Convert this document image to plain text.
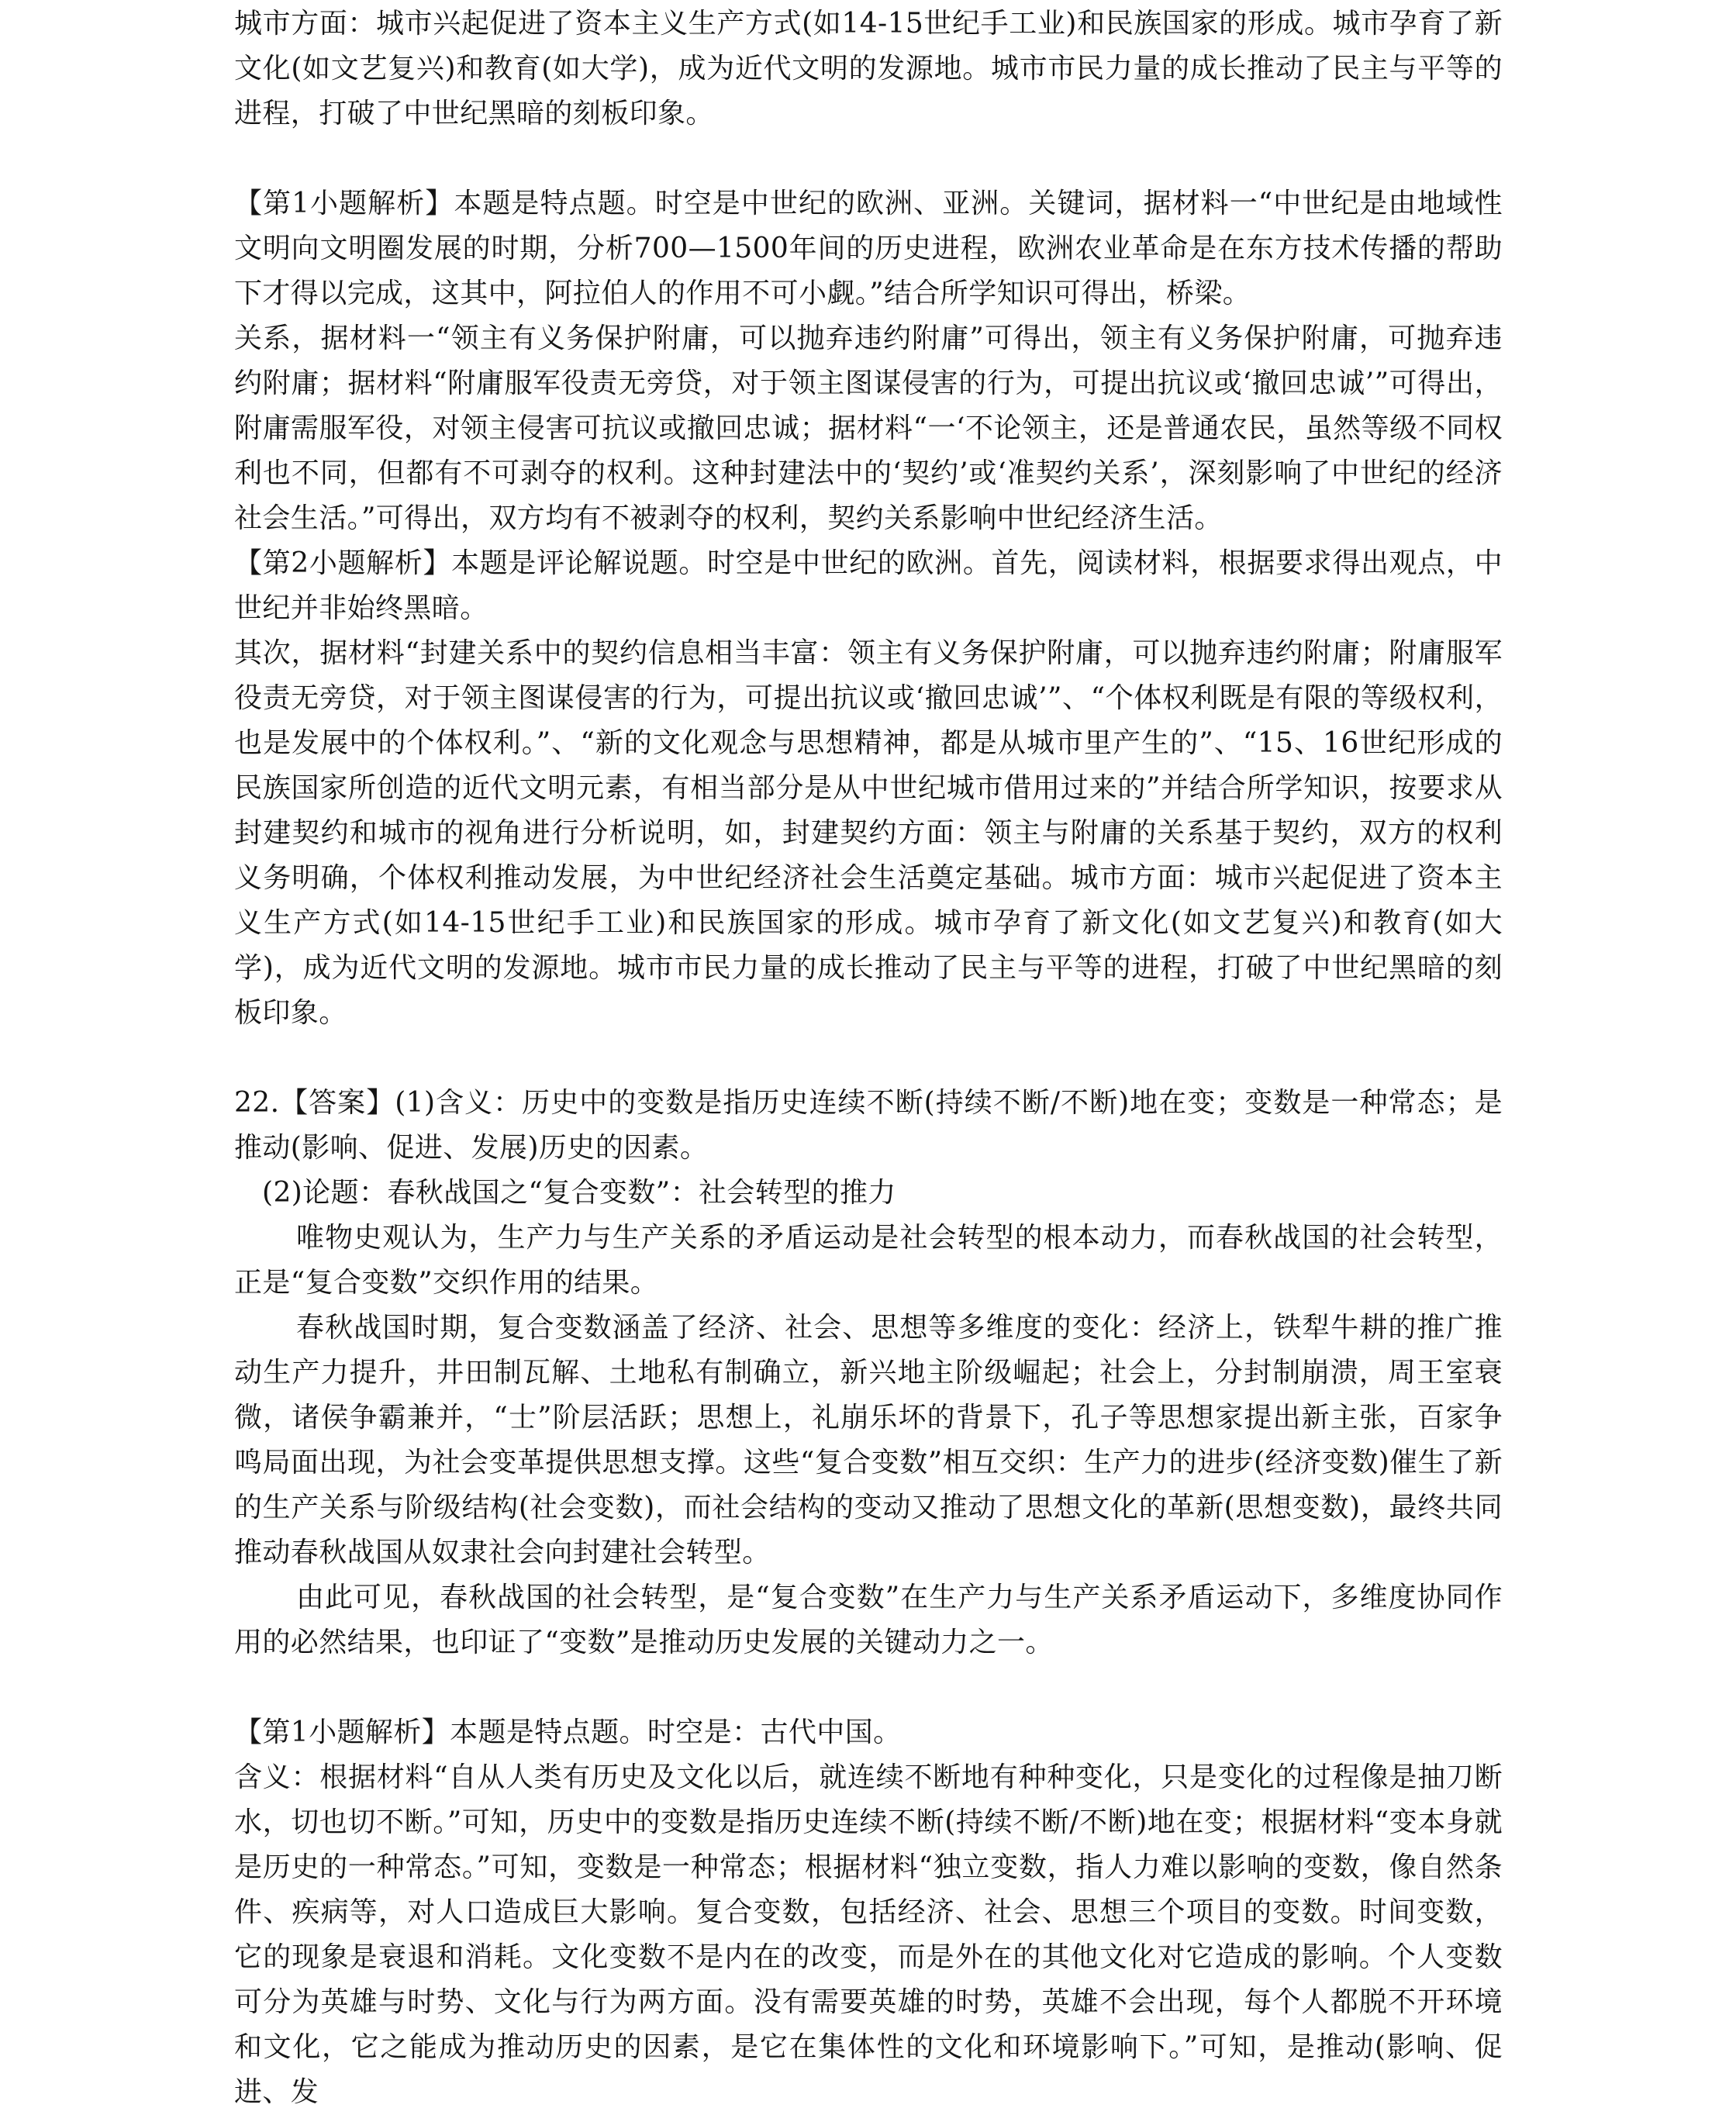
城市方面：城市兴起促进了资本主义生产方式(如14-15世纪手工业)和民族国家的形成。城市孕育了新文化(如文艺复兴)和教育(如大学)，成为近代文明的发源地。城市市民力量的成长推动了民主与平等的进程，打破了中世纪黑暗的刻板印象。

【第1小题解析】本题是特点题。时空是中世纪的欧洲、亚洲。关键词，据材料一“中世纪是由地域性文明向文明圈发展的时期，分析700—1500年间的历史进程，欧洲农业革命是在东方技术传播的帮助下才得以完成，这其中，阿拉伯人的作用不可小觑。”结合所学知识可得出，桥梁。

关系，据材料一“领主有义务保护附庸，可以抛弃违约附庸”可得出，领主有义务保护附庸，可抛弃违约附庸；据材料“附庸服军役责无旁贷，对于领主图谋侵害的行为，可提出抗议或‘撤回忠诚’”可得出，附庸需服军役，对领主侵害可抗议或撤回忠诚；据材料“一‘不论领主，还是普通农民，虽然等级不同权利也不同，但都有不可剥夺的权利。这种封建法中的‘契约’或‘准契约关系’，深刻影响了中世纪的经济社会生活。”可得出，双方均有不被剥夺的权利，契约关系影响中世纪经济生活。

【第2小题解析】本题是评论解说题。时空是中世纪的欧洲。首先，阅读材料，根据要求得出观点，中世纪并非始终黑暗。

其次，据材料“封建关系中的契约信息相当丰富：领主有义务保护附庸，可以抛弃违约附庸；附庸服军役责无旁贷，对于领主图谋侵害的行为，可提出抗议或‘撤回忠诚’”、“个体权利既是有限的等级权利，也是发展中的个体权利。”、“新的文化观念与思想精神，都是从城市里产生的”、“15、16世纪形成的民族国家所创造的近代文明元素，有相当部分是从中世纪城市借用过来的”并结合所学知识，按要求从封建契约和城市的视角进行分析说明，如，封建契约方面：领主与附庸的关系基于契约，双方的权利义务明确，个体权利推动发展，为中世纪经济社会生活奠定基础。城市方面：城市兴起促进了资本主义生产方式(如14-15世纪手工业)和民族国家的形成。城市孕育了新文化(如文艺复兴)和教育(如大学)，成为近代文明的发源地。城市市民力量的成长推动了民主与平等的进程，打破了中世纪黑暗的刻板印象。

22.【答案】(1)含义：历史中的变数是指历史连续不断(持续不断/不断)地在变；变数是一种常态；是推动(影响、促进、发展)历史的因素。

(2)论题：春秋战国之“复合变数”：社会转型的推力

唯物史观认为，生产力与生产关系的矛盾运动是社会转型的根本动力，而春秋战国的社会转型，正是“复合变数”交织作用的结果。

春秋战国时期，复合变数涵盖了经济、社会、思想等多维度的变化：经济上，铁犁牛耕的推广推动生产力提升，井田制瓦解、土地私有制确立，新兴地主阶级崛起；社会上，分封制崩溃，周王室衰微，诸侯争霸兼并，“士”阶层活跃；思想上，礼崩乐坏的背景下，孔子等思想家提出新主张，百家争鸣局面出现，为社会变革提供思想支撑。这些“复合变数”相互交织：生产力的进步(经济变数)催生了新的生产关系与阶级结构(社会变数)，而社会结构的变动又推动了思想文化的革新(思想变数)，最终共同推动春秋战国从奴隶社会向封建社会转型。

由此可见，春秋战国的社会转型，是“复合变数”在生产力与生产关系矛盾运动下，多维度协同作用的必然结果，也印证了“变数”是推动历史发展的关键动力之一。

【第1小题解析】本题是特点题。时空是：古代中国。

含义：根据材料“自从人类有历史及文化以后，就连续不断地有种种变化，只是变化的过程像是抽刀断水，切也切不断。”可知，历史中的变数是指历史连续不断(持续不断/不断)地在变；根据材料“变本身就是历史的一种常态。”可知，变数是一种常态；根据材料“独立变数，指人力难以影响的变数，像自然条件、疾病等，对人口造成巨大影响。复合变数，包括经济、社会、思想三个项目的变数。时间变数，它的现象是衰退和消耗。文化变数不是内在的改变，而是外在的其他文化对它造成的影响。个人变数可分为英雄与时势、文化与行为两方面。没有需要英雄的时势，英雄不会出现，每个人都脱不开环境和文化，它之能成为推动历史的因素，是它在集体性的文化和环境影响下。”可知，是推动(影响、促进、发
